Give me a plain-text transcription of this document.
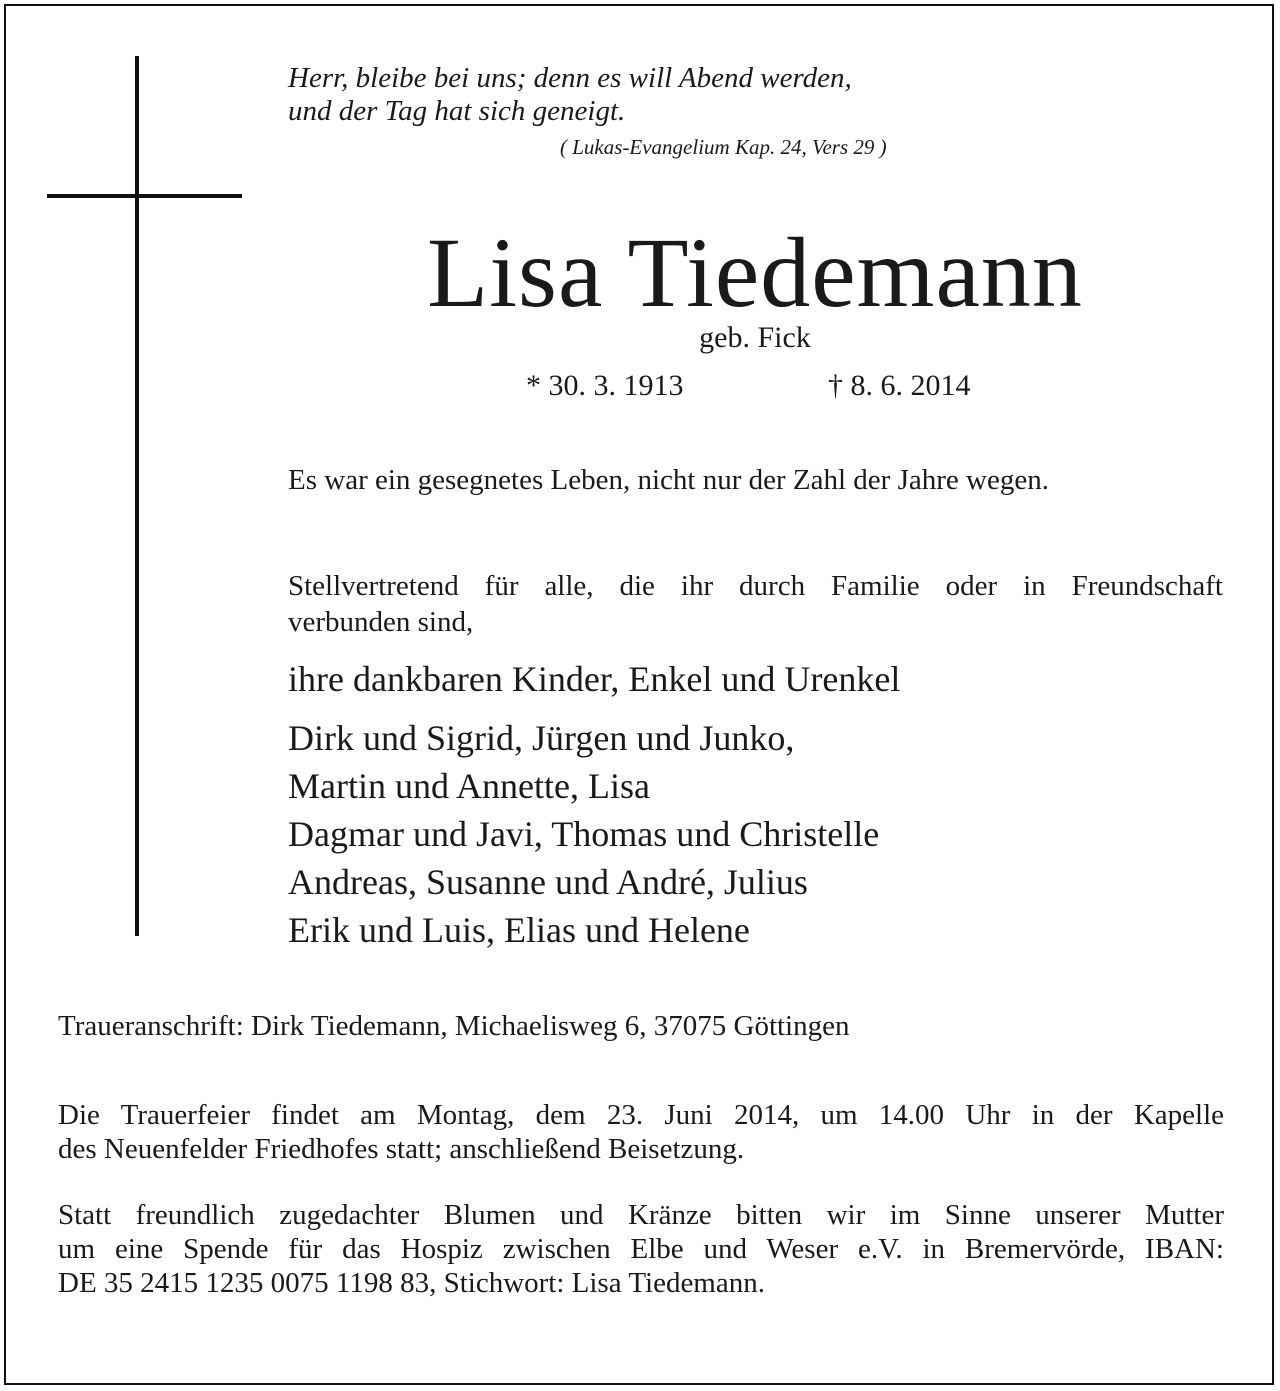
Herr, bleibe bei uns; denn es will Abend werden,
und der Tag hat sich geneigt.
( Lukas-Evangelium Kap. 24, Vers 29 )
Lisa Tiedemann
geb. Fick
* 30. 3. 1913	† 8. 6. 2014
Es war ein gesegnetes Leben, nicht nur der Zahl der Jahre wegen.
Stellvertretend für alle, die ihr durch Familie oder in Freundschaft
verbunden sind,
ihre dankbaren Kinder, Enkel und Urenkel
Dirk und Sigrid, Jürgen und Junko,
Martin und Annette, Lisa
Dagmar und Javi, Thomas und Christelle
Andreas, Susanne und André, Julius
Erik und Luis, Elias und Helene
Traueranschrift: Dirk Tiedemann, Michaelisweg 6, 37075 Göttingen
Die Trauerfeier findet am Montag, dem 23. Juni 2014, um 14.00 Uhr in der Kapelle
des Neuenfelder Friedhofes statt; anschließend Beisetzung.
Statt freundlich zugedachter Blumen und Kränze bitten wir im Sinne unserer Mutter
um eine Spende für das Hospiz zwischen Elbe und Weser e.V. in Bremervörde, IBAN:
DE 35 2415 1235 0075 1198 83, Stichwort: Lisa Tiedemann.
